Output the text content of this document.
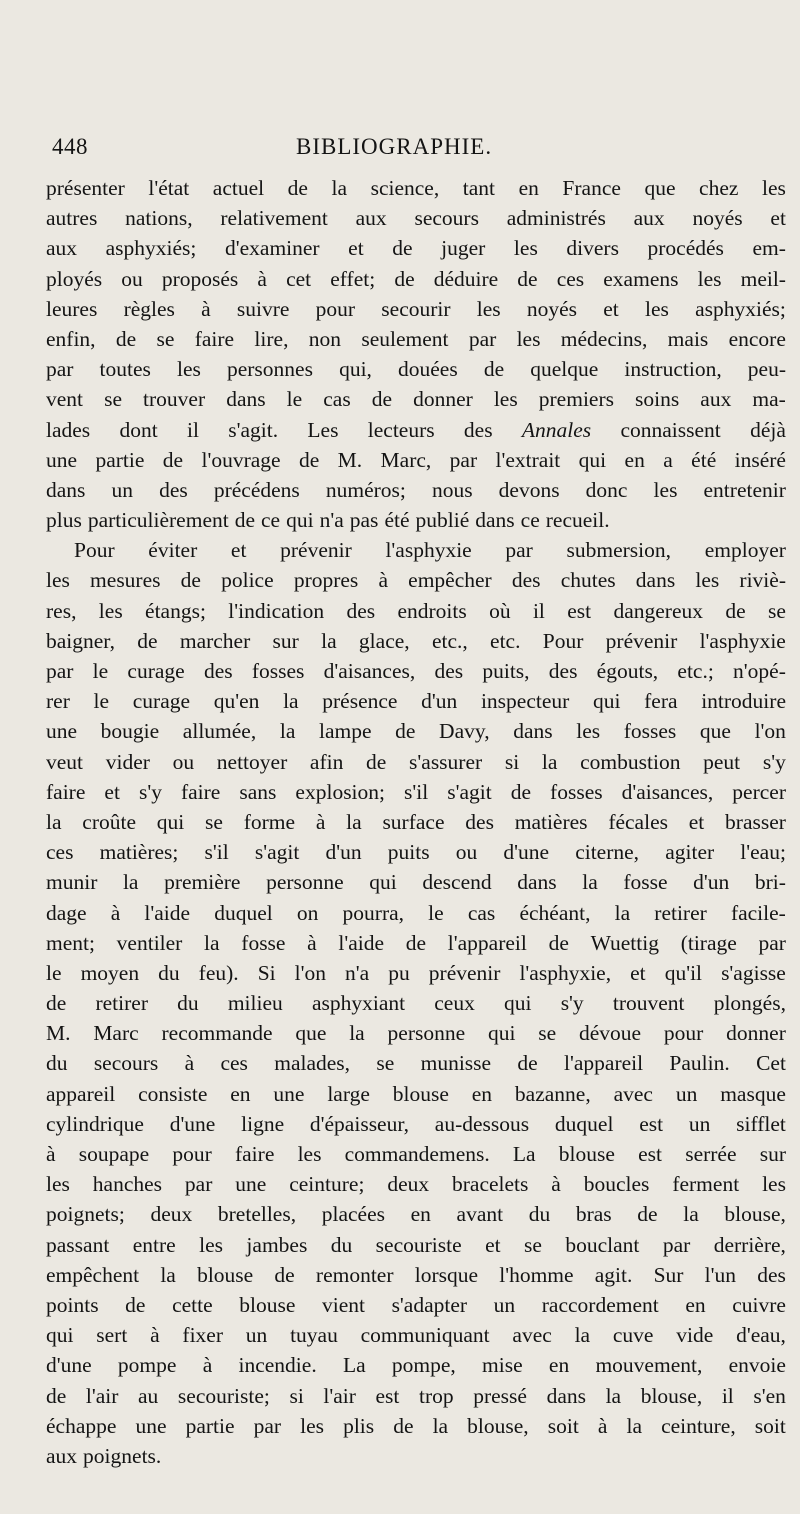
448	BIBLIOGRAPHIE.
présenter l'état actuel de la science, tant en France que chez les
autres nations, relativement aux secours administrés aux noyés et
aux asphyxiés; d'examiner et de juger les divers procédés em-
ployés ou proposés à cet effet; de déduire de ces examens les meil-
leures règles à suivre pour secourir les noyés et les asphyxiés;
enfin, de se faire lire, non seulement par les médecins, mais encore
par toutes les personnes qui, douées de quelque instruction, peu-
vent se trouver dans le cas de donner les premiers soins aux ma-
lades dont il s'agit. Les lecteurs des Annales connaissent déjà
une partie de l'ouvrage de M. Marc, par l'extrait qui en a été inséré
dans un des précédens numéros; nous devons donc les entretenir
plus particulièrement de ce qui n'a pas été publié dans ce recueil.
Pour éviter et prévenir l'asphyxie par submersion, employer
les mesures de police propres à empêcher des chutes dans les riviè-
res, les étangs; l'indication des endroits où il est dangereux de se
baigner, de marcher sur la glace, etc., etc. Pour prévenir l'asphyxie
par le curage des fosses d'aisances, des puits, des égouts, etc.; n'opé-
rer le curage qu'en la présence d'un inspecteur qui fera introduire
une bougie allumée, la lampe de Davy, dans les fosses que l'on
veut vider ou nettoyer afin de s'assurer si la combustion peut s'y
faire et s'y faire sans explosion; s'il s'agit de fosses d'aisances, percer
la croûte qui se forme à la surface des matières fécales et brasser
ces matières; s'il s'agit d'un puits ou d'une citerne, agiter l'eau;
munir la première personne qui descend dans la fosse d'un bri-
dage à l'aide duquel on pourra, le cas échéant, la retirer facile-
ment; ventiler la fosse à l'aide de l'appareil de Wuettig (tirage par
le moyen du feu). Si l'on n'a pu prévenir l'asphyxie, et qu'il s'agisse
de retirer du milieu asphyxiant ceux qui s'y trouvent plongés,
M. Marc recommande que la personne qui se dévoue pour donner
du secours à ces malades, se munisse de l'appareil Paulin. Cet
appareil consiste en une large blouse en bazanne, avec un masque
cylindrique d'une ligne d'épaisseur, au-dessous duquel est un sifflet
à soupape pour faire les commandemens. La blouse est serrée sur
les hanches par une ceinture; deux bracelets à boucles ferment les
poignets; deux bretelles, placées en avant du bras de la blouse,
passant entre les jambes du secouriste et se bouclant par derrière,
empêchent la blouse de remonter lorsque l'homme agit. Sur l'un des
points de cette blouse vient s'adapter un raccordement en cuivre
qui sert à fixer un tuyau communiquant avec la cuve vide d'eau,
d'une pompe à incendie. La pompe, mise en mouvement, envoie
de l'air au secouriste; si l'air est trop pressé dans la blouse, il s'en
échappe une partie par les plis de la blouse, soit à la ceinture, soit
aux poignets.
